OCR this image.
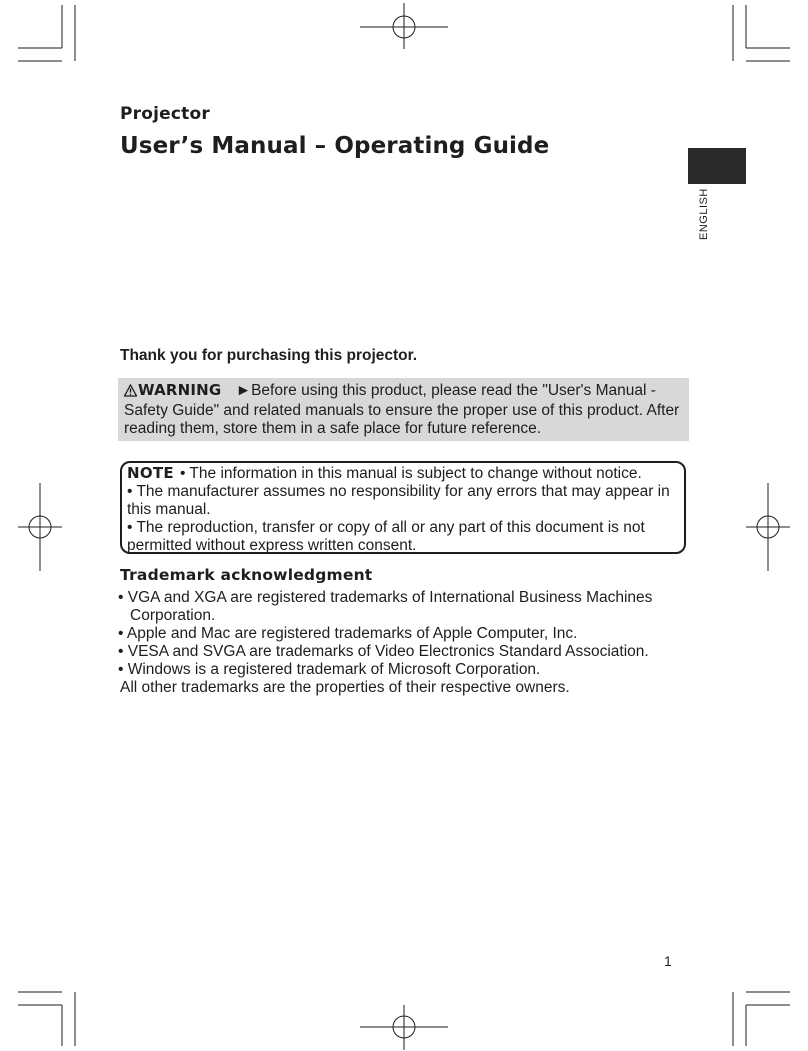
Projector
User’s Manual – Operating Guide
ENGLISH
Thank you for purchasing this projector.
WARNING ►Before using this product, please read the "User's Manual - Safety Guide" and related manuals to ensure the proper use of this product. After reading them, store them in a safe place for future reference.
NOTE • The information in this manual is subject to change without notice.
• The manufacturer assumes no responsibility for any errors that may appear in this manual.
• The reproduction, transfer or copy of all or any part of this document is not permitted without express written consent.
Trademark acknowledgment
• VGA and XGA are registered trademarks of International Business Machines Corporation.
• Apple and Mac are registered trademarks of Apple Computer, Inc.
• VESA and SVGA are trademarks of Video Electronics Standard Association.
• Windows is a registered trademark of Microsoft Corporation.
All other trademarks are the properties of their respective owners.
1
